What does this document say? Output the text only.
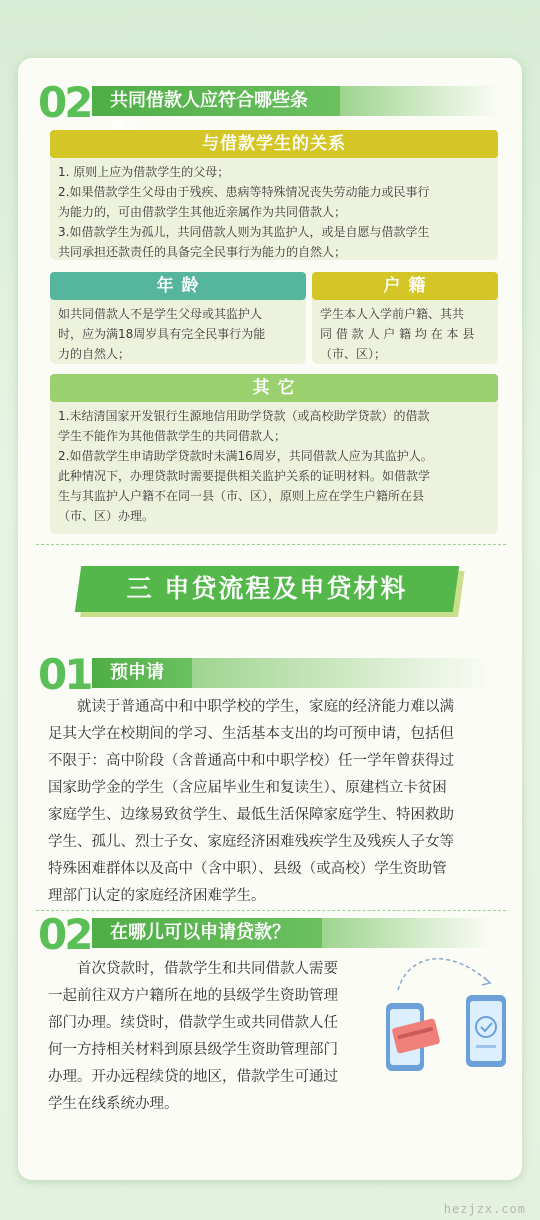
02	共同借款人应符合哪些条
与借款学生的关系
1. 原则上应为借款学生的父母；
2.如果借款学生父母由于残疾、患病等特殊情况丧失劳动能力或民事行
为能力的，可由借款学生其他近亲属作为共同借款人；
3.如借款学生为孤儿，共同借款人则为其监护人，或是自愿与借款学生
共同承担还款责任的具备完全民事行为能力的自然人；
年 龄
如共同借款人不是学生父母或其监护人
时，应为满18周岁具有完全民事行为能
力的自然人；
户 籍
学生本人入学前户籍、其共
同 借 款 人 户 籍 均 在 本 县
（市、区）；
其 它
1.未结清国家开发银行生源地信用助学贷款（或高校助学贷款）的借款
学生不能作为其他借款学生的共同借款人；
2.如借款学生申请助学贷款时未满16周岁，共同借款人应为其监护人。
此种情况下，办理贷款时需要提供相关监护关系的证明材料。如借款学
生与其监护人户籍不在同一县（市、区），原则上应在学生户籍所在县
（市、区）办理。
三 申贷流程及申贷材料
01	预申请
　　就读于普通高中和中职学校的学生，家庭的经济能力难以满
足其大学在校期间的学习、生活基本支出的均可预申请，包括但
不限于：高中阶段（含普通高中和中职学校）任一学年曾获得过
国家助学金的学生（含应届毕业生和复读生）、原建档立卡贫困
家庭学生、边缘易致贫学生、最低生活保障家庭学生、特困救助
学生、孤儿、烈士子女、家庭经济困难残疾学生及残疾人子女等
特殊困难群体以及高中（含中职）、县级（或高校）学生资助管
理部门认定的家庭经济困难学生。
02	在哪儿可以申请贷款？
　　首次贷款时，借款学生和共同借款人需要
一起前往双方户籍所在地的县级学生资助管理
部门办理。续贷时，借款学生或共同借款人任
何一方持相关材料到原县级学生资助管理部门
办理。开办远程续贷的地区，借款学生可通过
学生在线系统办理。
hezjzx.com
